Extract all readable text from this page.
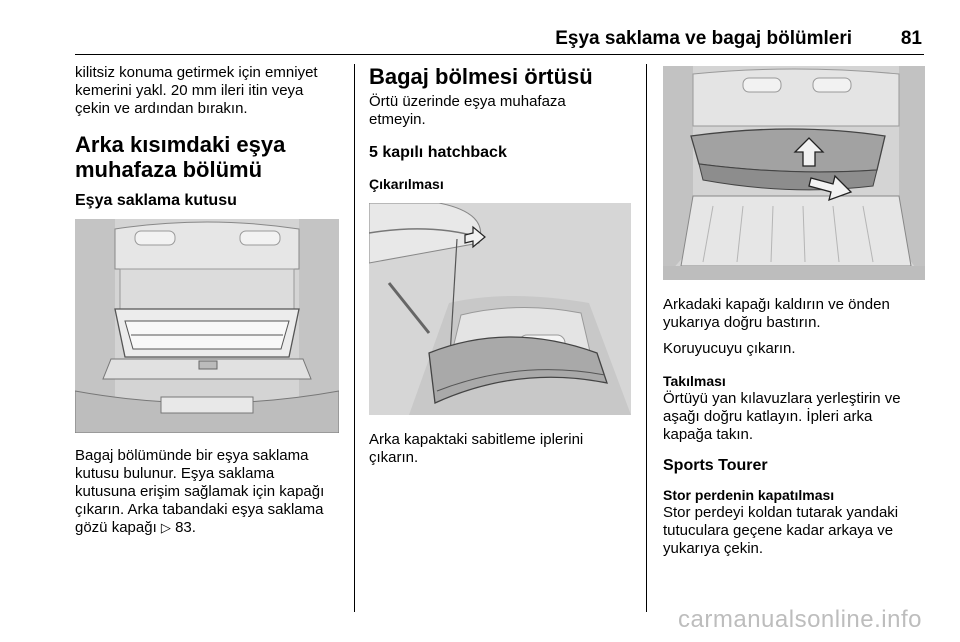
Eşya saklama ve bagaj bölümleri	81

kilitsiz konuma getirmek için emniyet
kemerini yakl. 20 mm ileri itin veya
çekin ve ardından bırakın.

Arka kısımdaki eşya
muhafaza bölümü
Eşya saklama kutusu

Bagaj bölümünde bir eşya saklama
kutusu bulunur. Eşya saklama
kutusuna erişim sağlamak için kapağı
çıkarın. Arka tabandaki eşya saklama
gözü kapağı ▷ 83.

Bagaj bölmesi örtüsü

Örtü üzerinde eşya muhafaza
etmeyin.

5 kapılı hatchback
Çıkarılması

Arka kapaktaki sabitleme iplerini
çıkarın.

Arkadaki kapağı kaldırın ve önden
yukarıya doğru bastırın.

Koruyucuyu çıkarın.

Takılması

Örtüyü yan kılavuzlara yerleştirin ve
aşağı doğru katlayın. İpleri arka
kapağa takın.

Sports Tourer
Stor perdenin kapatılması

Stor perdeyi koldan tutarak yandaki
tutuculara geçene kadar arkaya ve
yukarıya çekin.

carmanualsonline.info
